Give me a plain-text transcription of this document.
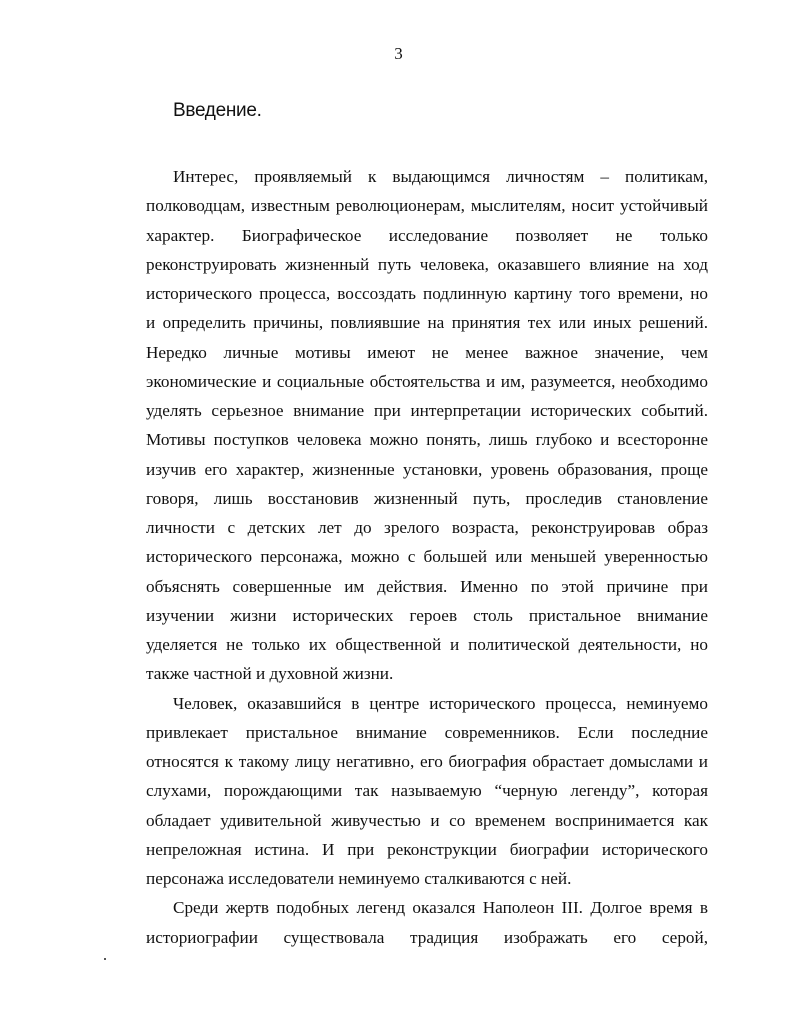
3
Введение.
Интерес, проявляемый к выдающимся личностям – политикам,
полководцам, известным революционерам, мыслителям, носит устойчивый
характер. Биографическое исследование позволяет не только
реконструировать жизненный путь человека, оказавшего влияние на ход
исторического процесса, воссоздать подлинную картину того времени, но
и определить причины, повлиявшие на принятия тех или иных решений.
Нередко личные мотивы имеют не менее важное значение, чем
экономические и социальные обстоятельства и им, разумеется, необходимо
уделять серьезное внимание при интерпретации исторических событий.
Мотивы поступков человека можно понять, лишь глубоко и всесторонне
изучив его характер, жизненные установки, уровень образования, проще
говоря, лишь восстановив жизненный путь, проследив становление
личности с детских лет до зрелого возраста, реконструировав образ
исторического персонажа, можно с большей или меньшей уверенностью
объяснять совершенные им действия. Именно по этой причине при
изучении жизни исторических героев столь пристальное внимание
уделяется не только их общественной и политической деятельности, но
также частной и духовной жизни.
Человек, оказавшийся в центре исторического процесса, неминуемо
привлекает пристальное внимание современников. Если последние
относятся к такому лицу негативно, его биография обрастает домыслами и
слухами, порождающими так называемую “черную легенду”, которая
обладает удивительной живучестью и со временем воспринимается как
непреложная истина. И при реконструкции биографии исторического
персонажа исследователи неминуемо сталкиваются с ней.
Среди жертв подобных легенд оказался Наполеон III. Долгое время в
историографии существовала традиция изображать его серой,
